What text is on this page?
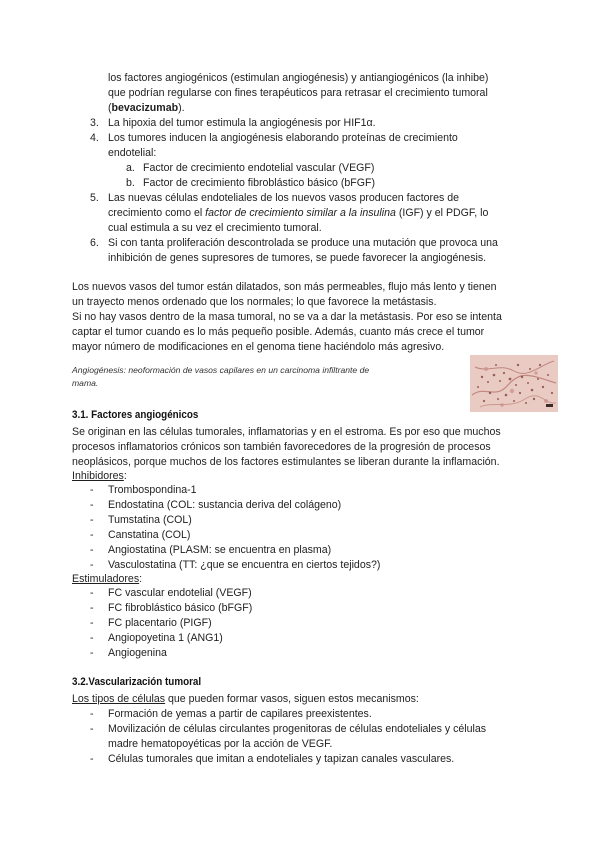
los factores angiogénicos (estimulan angiogénesis) y antiangiogénicos (la inhibe)
que podrían regularse con fines terapéuticos para retrasar el crecimiento tumoral
(bevacizumab).
3. La hipoxia del tumor estimula la angiogénesis por HIF1α.
4. Los tumores inducen la angiogénesis elaborando proteínas de crecimiento
endotelial:
a. Factor de crecimiento endotelial vascular (VEGF)
b. Factor de crecimiento fibroblástico básico (bFGF)
5. Las nuevas células endoteliales de los nuevos vasos producen factores de
crecimiento como el factor de crecimiento similar a la insulina (IGF) y el PDGF, lo
cual estimula a su vez el crecimiento tumoral.
6. Si con tanta proliferación descontrolada se produce una mutación que provoca una
inhibición de genes supresores de tumores, se puede favorecer la angiogénesis.
Los nuevos vasos del tumor están dilatados, son más permeables, flujo más lento y tienen
un trayecto menos ordenado que los normales; lo que favorece la metástasis.
Si no hay vasos dentro de la masa tumoral, no se va a dar la metástasis. Por eso se intenta
captar el tumor cuando es lo más pequeño posible. Además, cuanto más crece el tumor
mayor número de modificaciones en el genoma tiene haciéndolo más agresivo.
Angiogénesis: neoformación de vasos capilares en un carcinoma infiltrante de
mama.
3.1. Factores angiogénicos
Se originan en las células tumorales, inflamatorias y en el estroma. Es por eso que muchos
procesos inflamatorios crónicos son también favorecedores de la progresión de procesos
neoplásicos, porque muchos de los factores estimulantes se liberan durante la inflamación.
Inhibidores:
- Trombospondina-1
- Endostatina (COL: sustancia deriva del colágeno)
- Tumstatina (COL)
- Canstatina (COL)
- Angiostatina (PLASM: se encuentra en plasma)
- Vasculostatina (TT: ¿que se encuentra en ciertos tejidos?)
Estimuladores:
- FC vascular endotelial (VEGF)
- FC fibroblástico básico (bFGF)
- FC placentario (PIGF)
- Angiopoyetina 1 (ANG1)
- Angiogenina
3.2.Vascularización tumoral
Los tipos de células que pueden formar vasos, siguen estos mecanismos:
- Formación de yemas a partir de capilares preexistentes.
- Movilización de células circulantes progenitoras de células endoteliales y células
madre hematopoyéticas por la acción de VEGF.
- Células tumorales que imitan a endoteliales y tapizan canales vasculares.
